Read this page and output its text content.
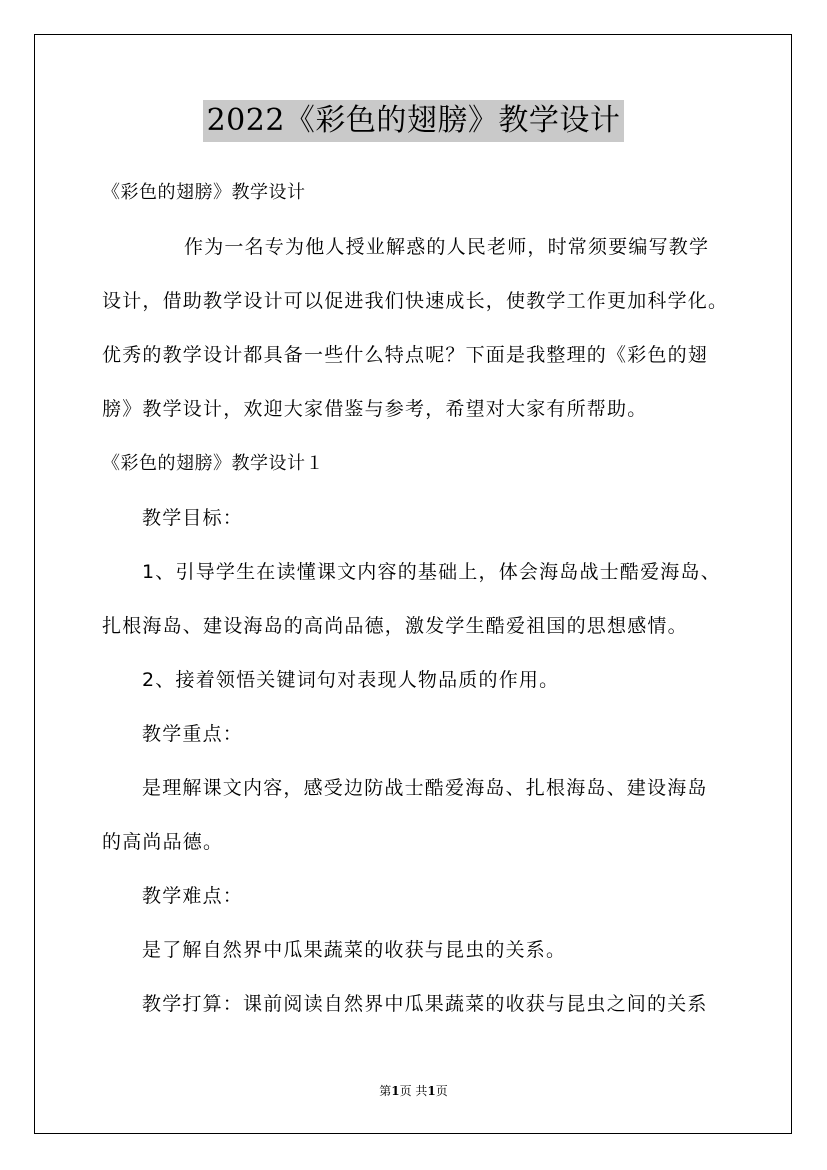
2022《彩色的翅膀》教学设计
《彩色的翅膀》教学设计
作为一名专为他人授业解惑的人民老师，时常须要编写教学
设计，借助教学设计可以促进我们快速成长，使教学工作更加科学化。
优秀的教学设计都具备一些什么特点呢？下面是我整理的《彩色的翅
膀》教学设计，欢迎大家借鉴与参考，希望对大家有所帮助。
《彩色的翅膀》教学设计１
教学目标：
1、引导学生在读懂课文内容的基础上，体会海岛战士酷爱海岛、
扎根海岛、建设海岛的高尚品德，激发学生酷爱祖国的思想感情。
2、接着领悟关键词句对表现人物品质的作用。
教学重点：
是理解课文内容，感受边防战士酷爱海岛、扎根海岛、建设海岛
的高尚品德。
教学难点：
是了解自然界中瓜果蔬菜的收获与昆虫的关系。
教学打算：课前阅读自然界中瓜果蔬菜的收获与昆虫之间的关系
第1页 共1页
